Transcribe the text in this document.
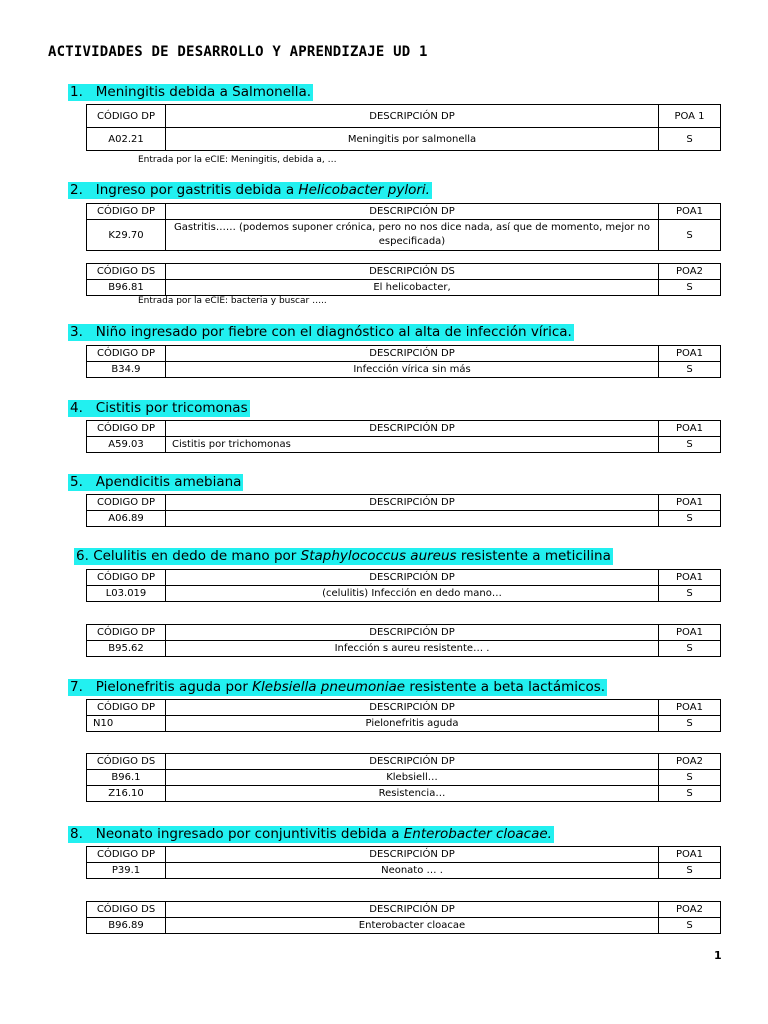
ACTIVIDADES DE DESARROLLO Y APRENDIZAJE UD 1
1. Meningitis debida a Salmonella.
CÓDIGO DP	DESCRIPCIÓN DP	POA 1
A02.21	Meningitis por salmonella	S
Entrada por la eCIE: Meningitis, debida a, …
2. Ingreso por gastritis debida a Helicobacter pylori.
CÓDIGO DP	DESCRIPCIÓN DP	POA1
K29.70	Gastritis…… (podemos suponer crónica, pero no nos dice nada, así que de momento, mejor no especificada)	S
CÓDIGO DS	DESCRIPCIÓN DS	POA2
B96.81	El helicobacter,	S
Entrada por la eCIE: bacteria y buscar …..
3. Niño ingresado por fiebre con el diagnóstico al alta de infección vírica.
CÓDIGO DP	DESCRIPCIÓN DP	POA1
B34.9	Infección vírica sin más	S
4. Cistitis por tricomonas
CÓDIGO DP	DESCRIPCIÓN DP	POA1
A59.03	Cistitis por trichomonas	S
5. Apendicitis amebiana
CODIGO DP	DESCRIPCIÓN DP	POA1
A06.89		S
6. Celulitis en dedo de mano por Staphylococcus aureus resistente a meticilina
CÓDIGO DP	DESCRIPCIÓN DP	POA1
L03.019	(celulitis) Infección en dedo mano…	S
CÓDIGO DP	DESCRIPCIÓN DP	POA1
B95.62	Infección s aureu resistente… .	S
7. Pielonefritis aguda por Klebsiella pneumoniae resistente a beta lactámicos.
CÓDIGO DP	DESCRIPCIÓN DP	POA1
N10	Pielonefritis aguda	S
CÓDIGO DS	DESCRIPCIÓN DP	POA2
B96.1	Klebsiell…	S
Z16.10	Resistencia…	S
8. Neonato ingresado por conjuntivitis debida a Enterobacter cloacae.
CÓDIGO DP	DESCRIPCIÓN DP	POA1
P39.1	Neonato … .	S
CÓDIGO DS	DESCRIPCIÓN DP	POA2
B96.89	Enterobacter cloacae	S
1
